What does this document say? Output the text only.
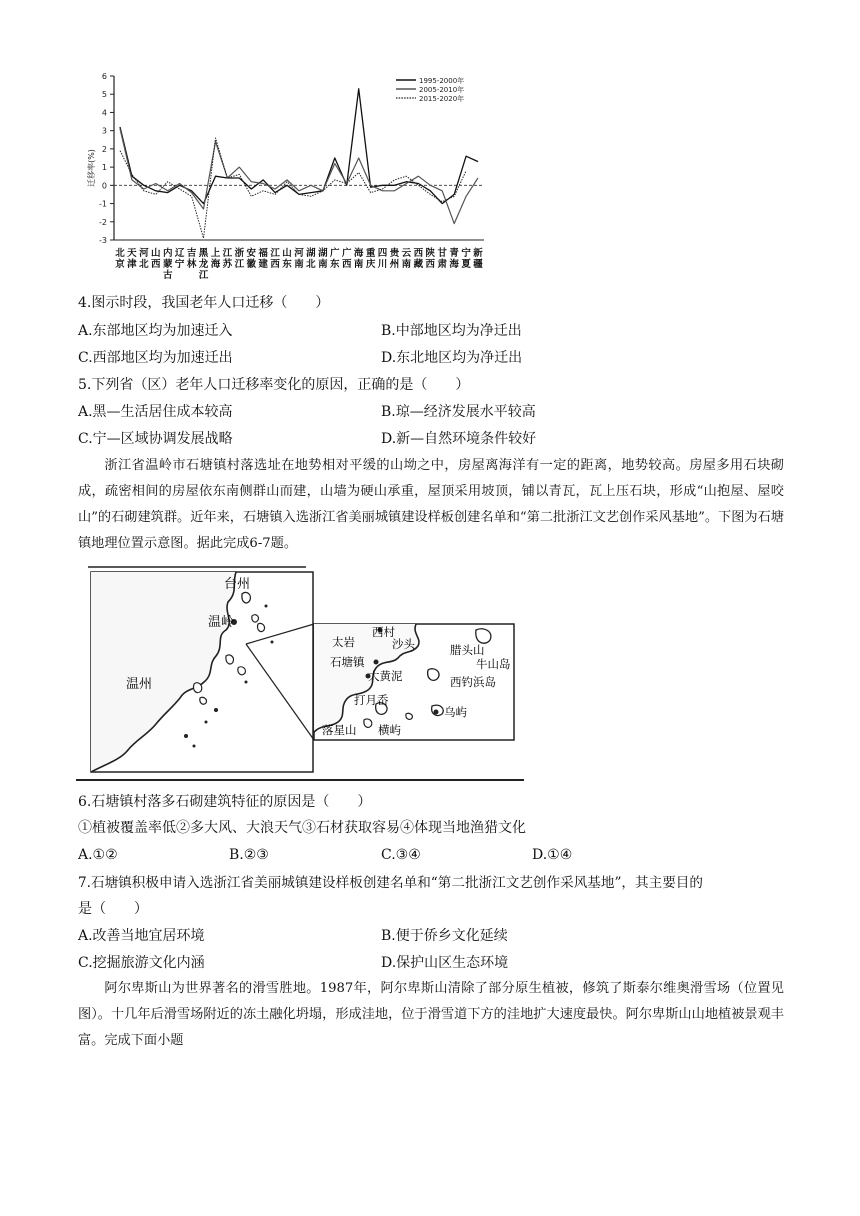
6
5
4
3
2
1
0
-1
-2
-3
迁移率(%)
1995-2000年
2005-2010年
2015-2020年
北
京
天
津
河
北
山
西
内
蒙
古
辽
宁
吉
林
黑
龙
江
上
海
江
苏
浙
江
安
徽
福
建
江
西
山
东
河
南
湖
北
湖
南
广
东
广
西
海
南
重
庆
四
川
贵
州
云
南
西
藏
陕
西
甘
肃
青
海
宁
夏
新
疆
4.图示时段，我国老年人口迁移（　　）
A.东部地区均为加速迁入	B.中部地区均为净迁出
C.西部地区均为加速迁出	D.东北地区均为净迁出
5.下列省（区）老年人口迁移率变化的原因，正确的是（　　）
A.黑—生活居住成本较高	B.琼—经济发展水平较高
C.宁—区域协调发展战略	D.新—自然环境条件较好
浙江省温岭市石塘镇村落选址在地势相对平缓的山坳之中，房屋离海洋有一定的距离，地势较高。房屋多用石块砌成，疏密相间的房屋依东南侧群山而建，山墙为硬山承重，屋顶采用坡顶，铺以青瓦，瓦上压石块，形成“山抱屋、屋咬山”的石砌建筑群。近年来，石塘镇入选浙江省美丽城镇建设样板创建名单和“第二批浙江文艺创作采风基地”。下图为石塘镇地理位置示意图。据此完成6-7题。
台州
温岭
温州
太岩
西村
沙头	腊头山
石塘镇	牛山岛
大黄泥	西钓浜岛
打月岙
乌屿
落星山 横屿
6.石塘镇村落多石砌建筑特征的原因是（　　）
①植被覆盖率低②多大风、大浪天气③石材获取容易④体现当地渔猎文化
A.①②	B.②③	C.③④	D.①④
7.石塘镇积极申请入选浙江省美丽城镇建设样板创建名单和“第二批浙江文艺创作采风基地”，其主要目的
是（　　）
A.改善当地宜居环境	B.便于侨乡文化延续
C.挖掘旅游文化内涵	D.保护山区生态环境
阿尔卑斯山为世界著名的滑雪胜地。1987年，阿尔卑斯山清除了部分原生植被，修筑了斯泰尔维奥滑雪场（位置见图）。十几年后滑雪场附近的冻土融化坍塌，形成洼地，位于滑雪道下方的洼地扩大速度最快。阿尔卑斯山山地植被景观丰富。完成下面小题
